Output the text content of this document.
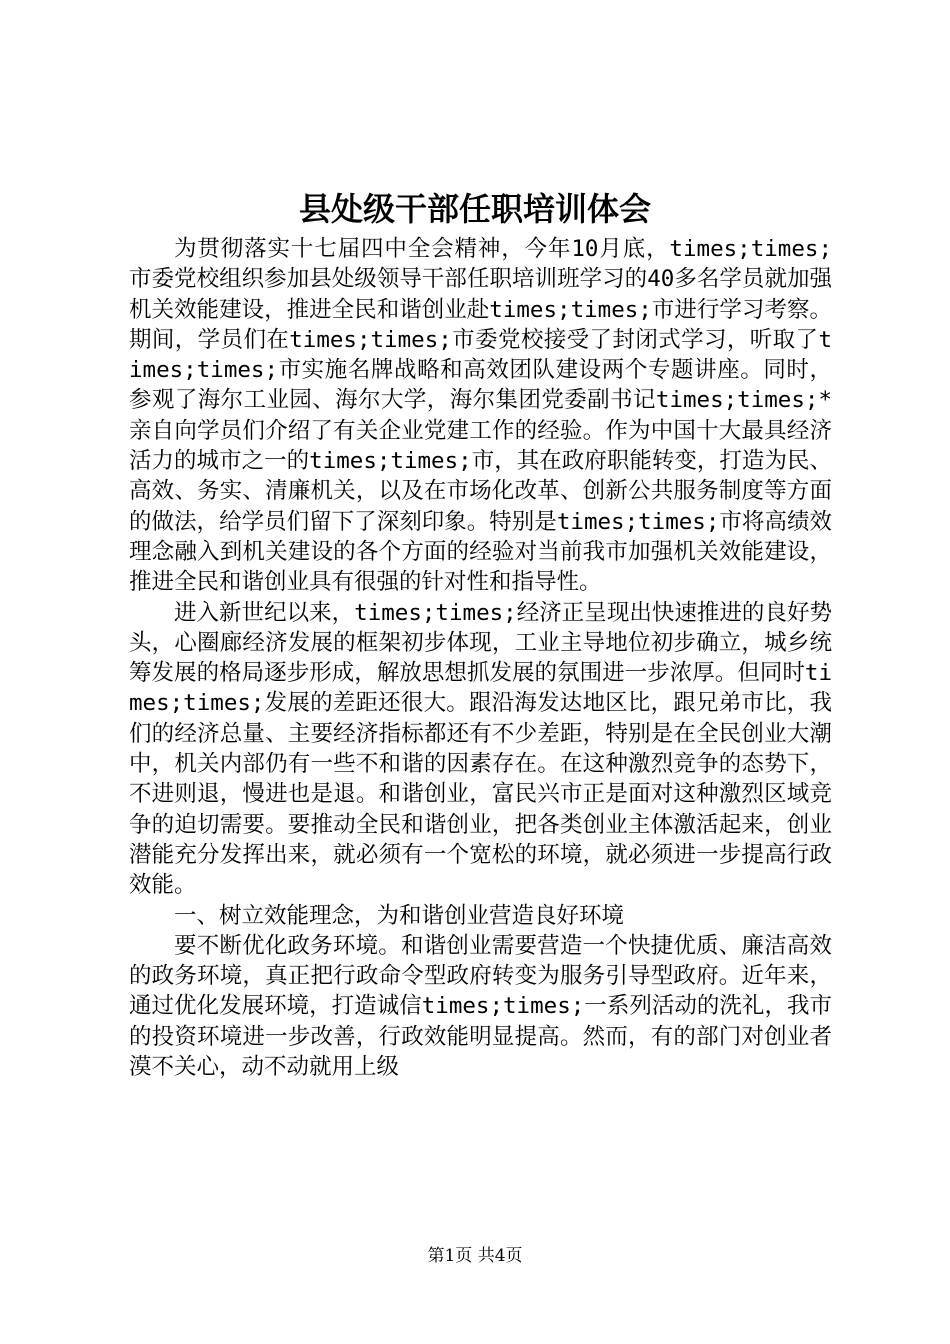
县处级干部任职培训体会

为贯彻落实十七届四中全会精神，今年10月底，times;times;市委党校组织参加县处级领导干部任职培训班学习的40多名学员就加强机关效能建设，推进全民和谐创业赴times;times;市进行学习考察。期间，学员们在times;times;市委党校接受了封闭式学习，听取了times;times;市实施名牌战略和高效团队建设两个专题讲座。同时，参观了海尔工业园、海尔大学，海尔集团党委副书记times;times;*亲自向学员们介绍了有关企业党建工作的经验。作为中国十大最具经济活力的城市之一的times;times;市，其在政府职能转变，打造为民、高效、务实、清廉机关，以及在市场化改革、创新公共服务制度等方面的做法，给学员们留下了深刻印象。特别是times;times;市将高绩效理念融入到机关建设的各个方面的经验对当前我市加强机关效能建设，推进全民和谐创业具有很强的针对性和指导性。

进入新世纪以来，times;times;经济正呈现出快速推进的良好势头，心圈廊经济发展的框架初步体现，工业主导地位初步确立，城乡统筹发展的格局逐步形成，解放思想抓发展的氛围进一步浓厚。但同时times;times;发展的差距还很大。跟沿海发达地区比，跟兄弟市比，我们的经济总量、主要经济指标都还有不少差距，特别是在全民创业大潮中，机关内部仍有一些不和谐的因素存在。在这种激烈竞争的态势下，不进则退，慢进也是退。和谐创业，富民兴市正是面对这种激烈区域竞争的迫切需要。要推动全民和谐创业，把各类创业主体激活起来，创业潜能充分发挥出来，就必须有一个宽松的环境，就必须进一步提高行政效能。

一、树立效能理念，为和谐创业营造良好环境

要不断优化政务环境。和谐创业需要营造一个快捷优质、廉洁高效的政务环境，真正把行政命令型政府转变为服务引导型政府。近年来，通过优化发展环境，打造诚信times;times;一系列活动的洗礼，我市的投资环境进一步改善，行政效能明显提高。然而，有的部门对创业者漠不关心，动不动就用上级

第1页 共4页
